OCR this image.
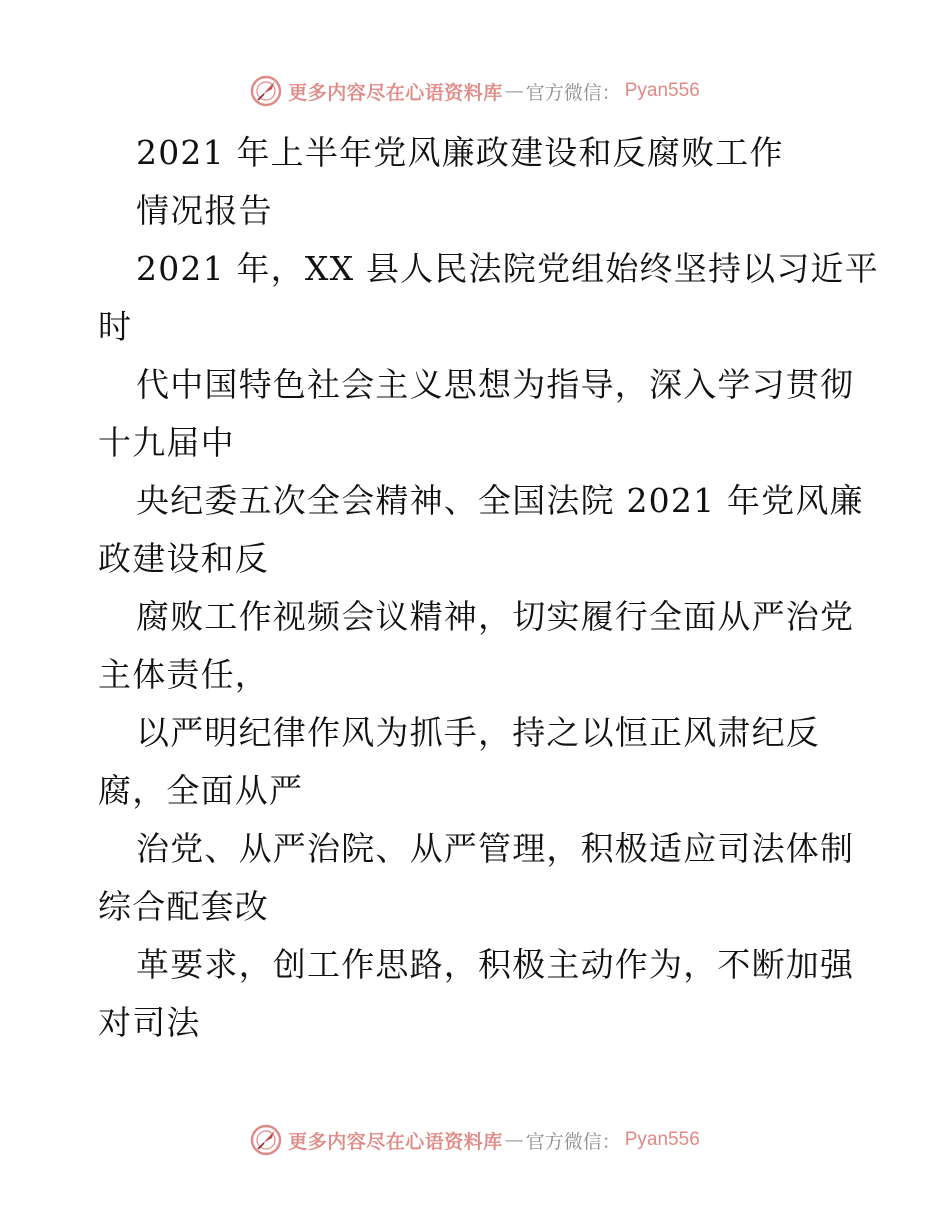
更多内容尽在心语资料库 — 官方微信： Pyan556
2021 年上半年党风廉政建设和反腐败工作
情况报告
2021 年，XX 县人民法院党组始终坚持以习近平
时
代中国特色社会主义思想为指导，深入学习贯彻
十九届中
央纪委五次全会精神、全国法院 2021 年党风廉
政建设和反
腐败工作视频会议精神，切实履行全面从严治党
主体责任，
以严明纪律作风为抓手，持之以恒正风肃纪反
腐，全面从严
治党、从严治院、从严管理，积极适应司法体制
综合配套改
革要求，创工作思路，积极主动作为，不断加强
对司法
更多内容尽在心语资料库 — 官方微信： Pyan556
